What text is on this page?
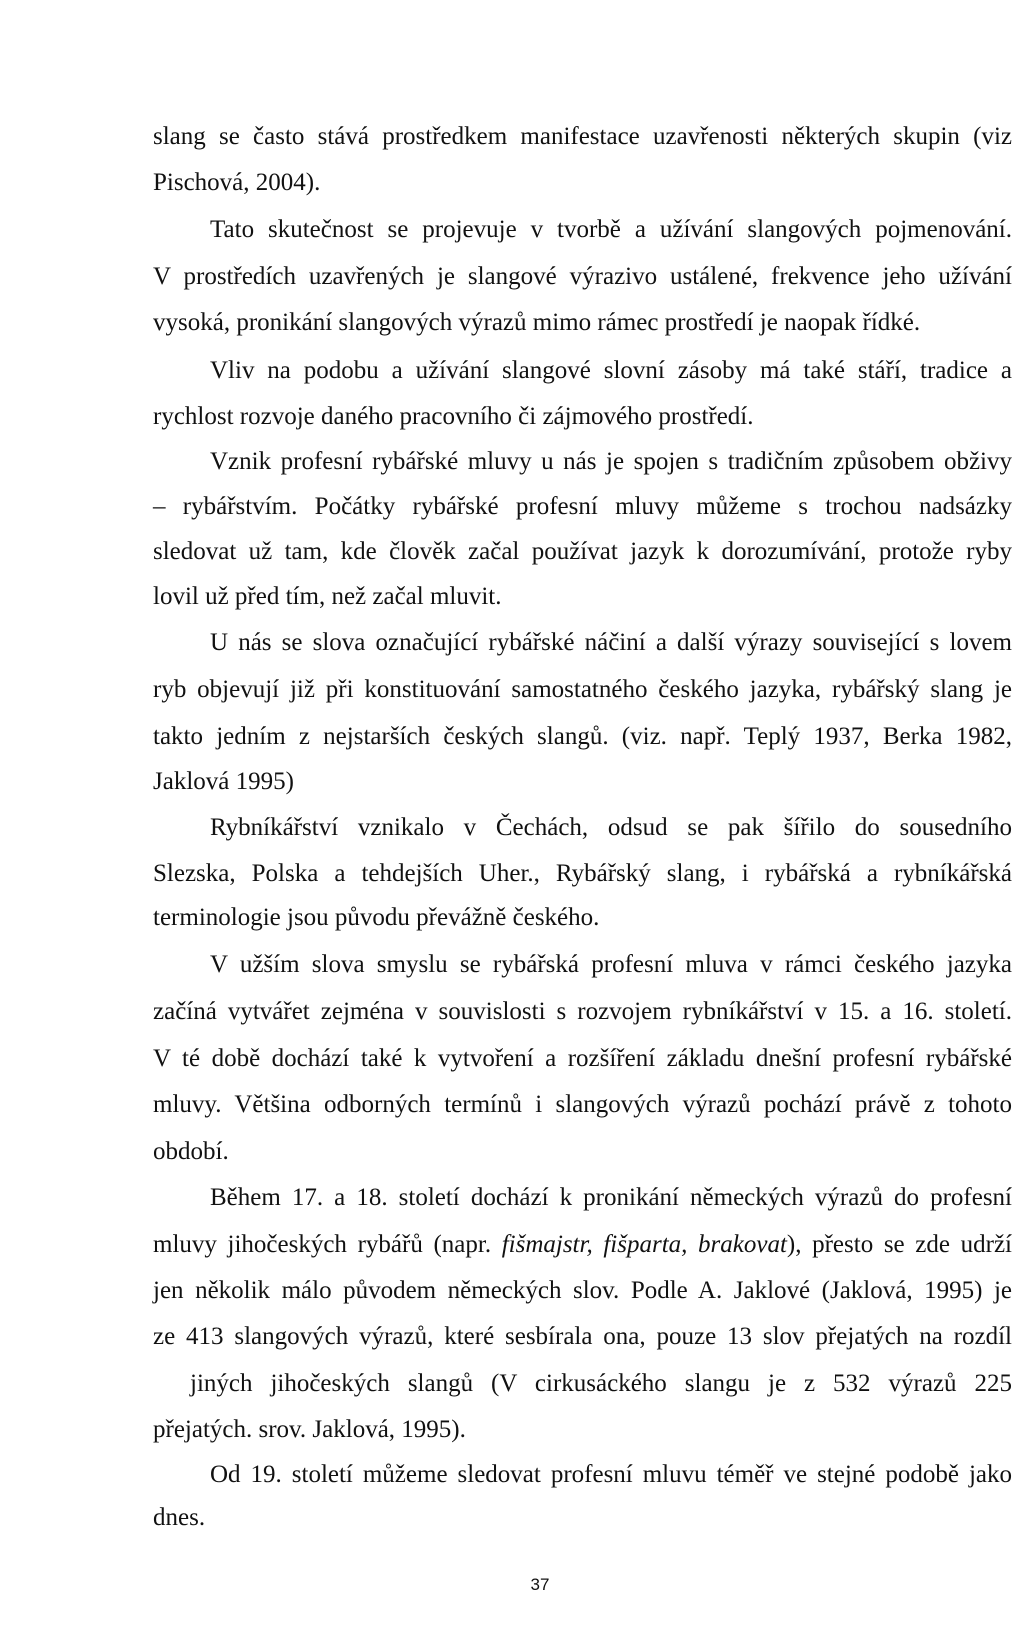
slang se často stává prostředkem manifestace uzavřenosti některých skupin (viz
Pischová, 2004).
Tato skutečnost se projevuje v tvorbě a užívání slangových pojmenování.
V prostředích uzavřených je slangové výrazivo ustálené, frekvence jeho užívání
vysoká, pronikání slangových výrazů mimo rámec prostředí je naopak řídké.
Vliv na podobu a užívání slangové slovní zásoby má také stáří, tradice a
rychlost rozvoje daného pracovního či zájmového prostředí.
Vznik profesní rybářské mluvy u nás je spojen s tradičním způsobem obživy
– rybářstvím. Počátky rybářské profesní mluvy můžeme s trochou nadsázky
sledovat už tam, kde člověk začal používat jazyk k dorozumívání, protože ryby
lovil už před tím, než začal mluvit.
U nás se slova označující rybářské náčiní a další výrazy související s lovem
ryb objevují již při konstituování samostatného českého jazyka, rybářský slang je
takto jedním z nejstarších českých slangů. (viz. např. Teplý 1937, Berka 1982,
Jaklová 1995)
Rybníkářství vznikalo v Čechách, odsud se pak šířilo do sousedního
Slezska, Polska a tehdejších Uher., Rybářský slang, i rybářská a rybníkářská
terminologie jsou původu převážně českého.
V užším slova smyslu se rybářská profesní mluva v rámci českého jazyka
začíná vytvářet zejména v souvislosti s rozvojem rybníkářství v 15. a 16. století.
V té době dochází také k vytvoření a rozšíření základu dnešní profesní rybářské
mluvy. Většina odborných termínů i slangových výrazů pochází právě z tohoto
období.
Během 17. a 18. století dochází k pronikání německých výrazů do profesní
mluvy jihočeských rybářů (napr. fišmajstr, fišparta, brakovat), přesto se zde udrží
jen několik málo původem německých slov. Podle A. Jaklové (Jaklová, 1995) je
ze 413 slangových výrazů, které sesbírala ona, pouze 13 slov přejatých na rozdíl
jiných jihočeských slangů (V cirkusáckého slangu je z 532 výrazů 225
přejatých. srov. Jaklová, 1995).
Od 19. století můžeme sledovat profesní mluvu téměř ve stejné podobě jako
dnes.
37
